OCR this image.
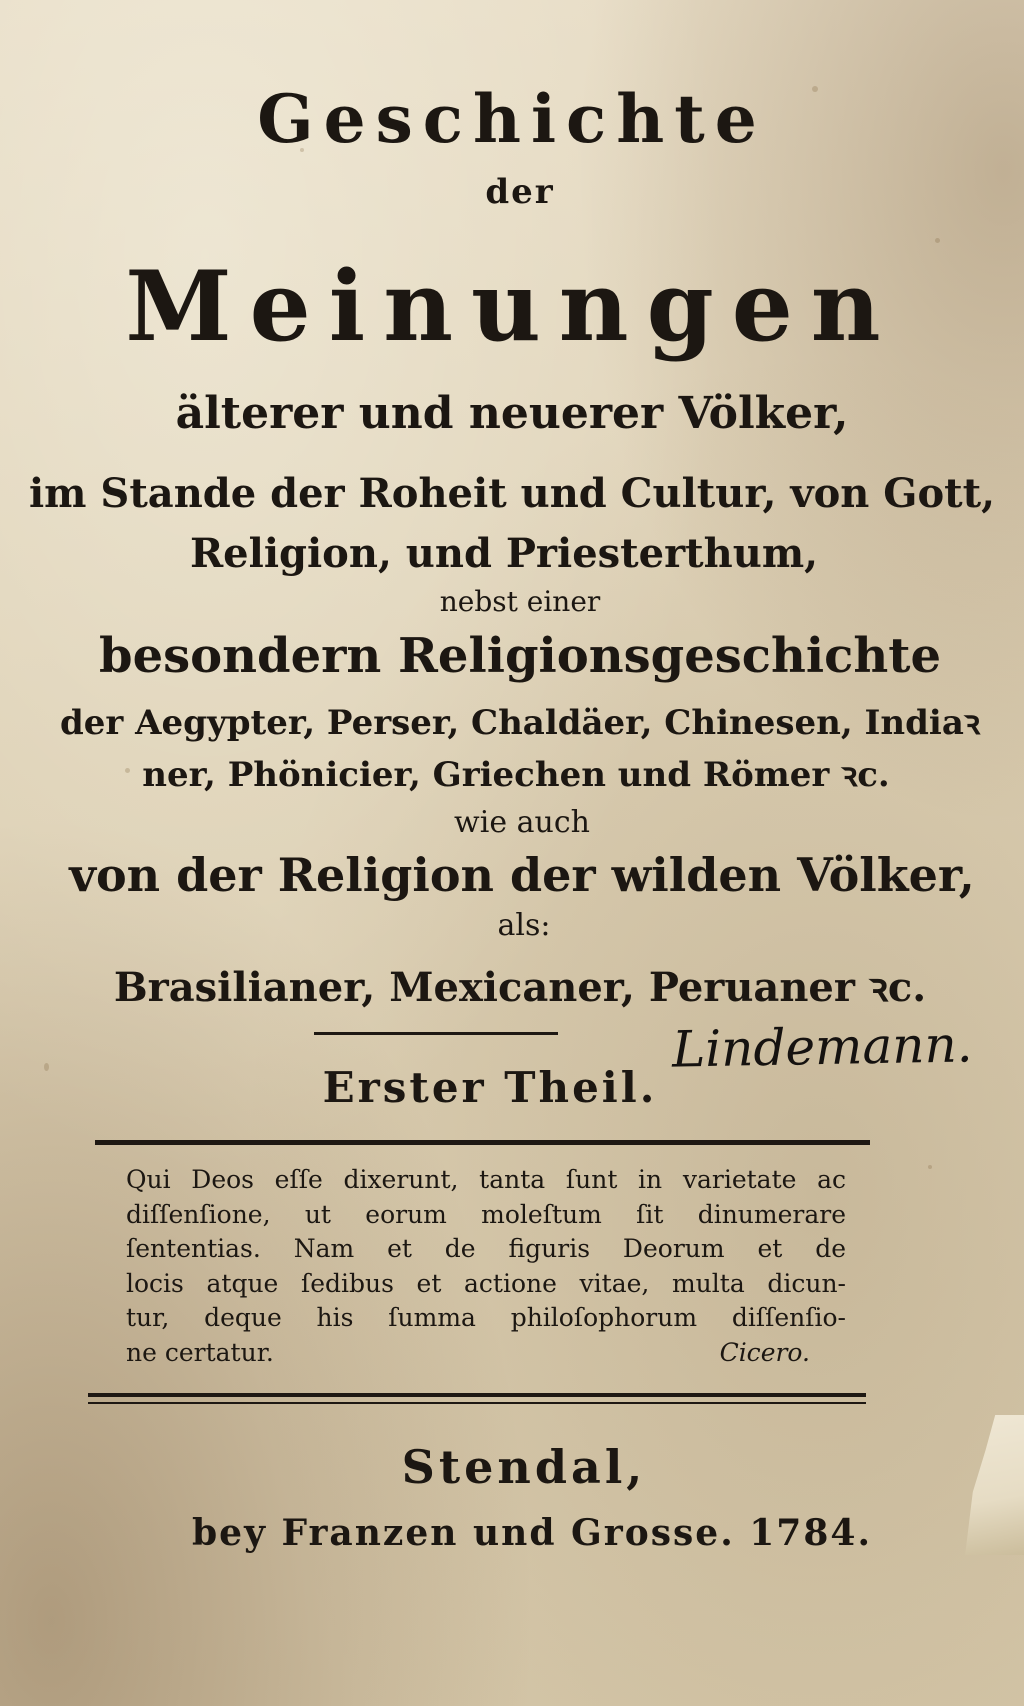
Geschichte
der
Meinungen
älterer und neuerer Völker,
im Stande der Roheit und Cultur, von Gott,
Religion, und Priesterthum,
nebst einer
besondern Religionsgeschichte
der Aegypter, Perser, Chaldäer, Chinesen, Indiaꝛ
ner, Phönicier, Griechen und Römer ꝛc.
wie auch
von der Religion der wilden Völker,
als:
Brasilianer, Mexicaner, Peruaner ꝛc.
Erster Theil.
Lindemann.
Qui Deos eſſe dixerunt, tanta ſunt in varietate ac
diſſenſione, ut eorum moleſtum ſit dinumerare
ſententias. Nam et de figuris Deorum et de
locis atque ſedibus et actione vitae, multa dicun-
tur, deque his ſumma philoſophorum diſſenſio-
ne certatur.	Cicero.
Stendal,
bey Franzen und Grosse. 1784.
